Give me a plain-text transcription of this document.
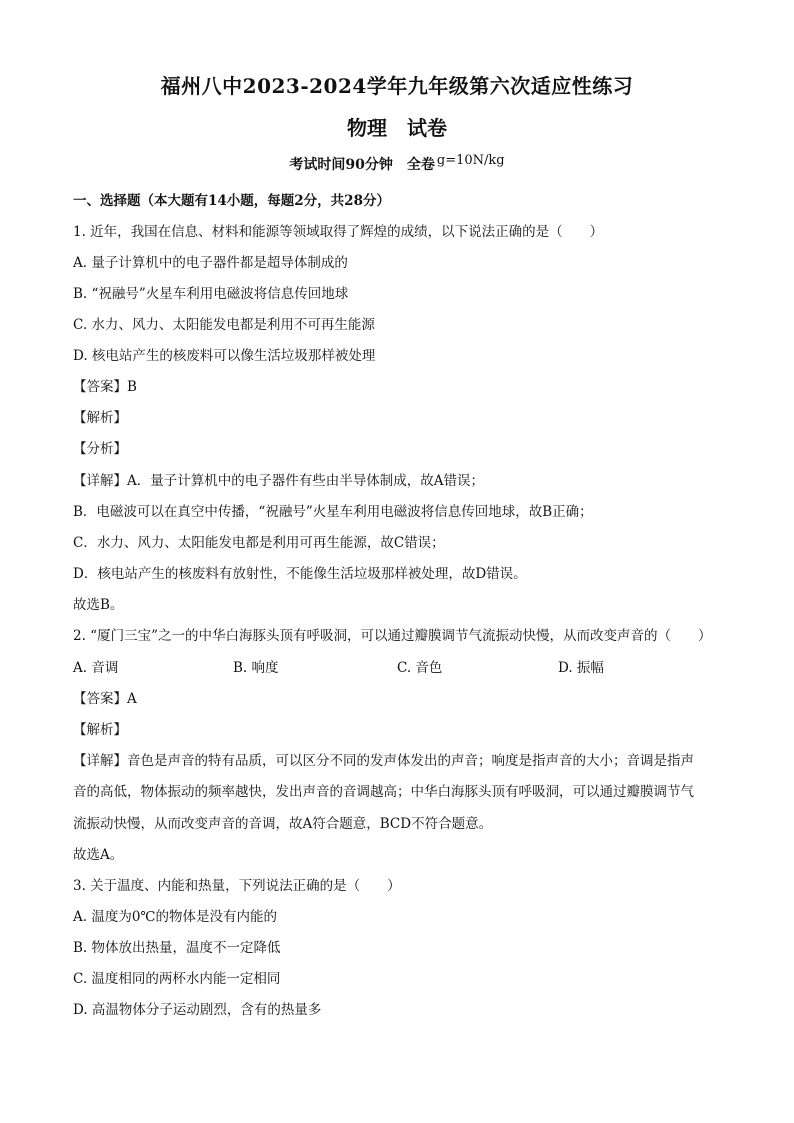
福州八中2023-2024学年九年级第六次适应性练习
物理　试卷
考试时间90分钟　全卷 g=10N/kg
一、选择题（本大题有14小题，每题2分，共28分）
1. 近年，我国在信息、材料和能源等领域取得了辉煌的成绩，以下说法正确的是（　　）
A. 量子计算机中的电子器件都是超导体制成的
B. “祝融号”火星车利用电磁波将信息传回地球
C. 水力、风力、太阳能发电都是利用不可再生能源
D. 核电站产生的核废料可以像生活垃圾那样被处理
【答案】B
【解析】
【分析】
【详解】A．量子计算机中的电子器件有些由半导体制成，故A错误；
B．电磁波可以在真空中传播，“祝融号”火星车利用电磁波将信息传回地球，故B正确；
C．水力、风力、太阳能发电都是利用可再生能源，故C错误；
D．核电站产生的核废料有放射性，不能像生活垃圾那样被处理，故D错误。
故选B。
2. “厦门三宝”之一的中华白海豚头顶有呼吸洞，可以通过瓣膜调节气流振动快慢，从而改变声音的（　　）
A. 音调	B. 响度	C. 音色	D. 振幅
【答案】A
【解析】
【详解】音色是声音的特有品质，可以区分不同的发声体发出的声音；响度是指声音的大小；音调是指声
音的高低，物体振动的频率越快，发出声音的音调越高；中华白海豚头顶有呼吸洞，可以通过瓣膜调节气
流振动快慢，从而改变声音的音调，故A符合题意，BCD不符合题意。
故选A。
3. 关于温度、内能和热量，下列说法正确的是（　　）
A. 温度为0℃的物体是没有内能的
B. 物体放出热量，温度不一定降低
C. 温度相同的两杯水内能一定相同
D. 高温物体分子运动剧烈，含有的热量多
